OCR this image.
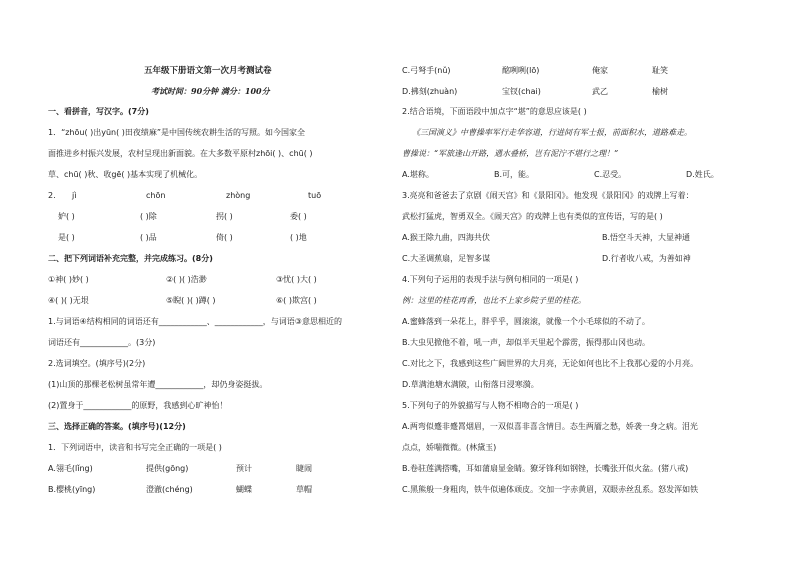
五年级下册语文第一次月考测试卷
考试时间：90分钟 满分：100分
一、看拼音，写汉字。(7分)
1．“zhōu( )出yūn( )田夜绩麻”是中国传统农耕生活的写照。如今国家全
面推进乡村振兴发展，农村呈现出新面貌。在大多数平原村zhōi( )、chū( )
草、chū( )秋、收gē( )基本实现了机械化。
2. jì	chōn	zhòng	tuō
妒( )	( )除	拐( )	委( )
是( )	( )品	倚( )	( )地
二、把下列词语补充完整，并完成练习。(8分)
①神( )妙( )	②( )( )浩渺	③忧( )大( )
④( )( )无垠	⑤睨( )( )蹲( )	⑥( )欺宫( )
1.与词语④结构相同的词语还有____________、____________，与词语③意思相近的
词语还有____________。(3分)
2.选词填空。(填序号)(2分)
(1)山顶的那棵老松树虽常年遭____________，却仍身姿挺拔。
(2)置身于____________的原野，我感到心旷神怡！
三、选择正确的答案。(填序号)(12分)
1．下列词语中，读音和书写完全正确的一项是( )
A.翎毛(lǐng)	提供(gōng)	预计	睫闹
B.樱桃(yīng)	澄澈(chéng)	蝴蝶	草帽
C.弓弩手(nǔ)	酩咧咧(lō)	俺家	耻笑
D.拂刻(zhuàn)	宝钗(chai)	武乙	榆树
2.结合语境，下面语段中加点字“堪”的意思应该是( )
《三国演义》中曹操率军行走华容道，行进间有军士报，前面积水，道路难走。
曹操说：“军旅逢山开路，遇水叠桥，岂有泥泞不堪行之理！”
A.堪称。	B.可，能。	C.忍受。	D.姓氏。
3.亮亮和爸爸去了京剧《闹天宫》和《景阳冈》。他发现《景阳冈》的戏牌上写着：
武松打猛虎，智勇双全。《闹天宫》的戏牌上也有类似的宣传语，写的是( )
A.猴王除九曲，四海共伏	B.悟空斗天神，大显神通
C.大圣调蕉扇，足智多谋	D.行者收八戒，为善如神
4.下列句子运用的表现手法与例句相同的一项是( )
例：这里的桂花再香，也比不上家乡院子里的桂花。
A.蜜蜂落到一朵花上，胖乎乎，圆滚滚，就像一个小毛球似的不动了。
B.大虫见掀他不着，吼一声，却似半天里起个霹雳，振得那山冈也动。
C.对比之下，我感到这些广阔世界的大月亮，无论如何也比不上我那心爱的小月亮。
D.草满池塘水满陂，山衔落日浸寒漪。
5.下列句子的外貌描写与人物不相吻合的一项是( )
A.两弯似蹙非蹙罥烟眉，一双似喜非喜含情目。态生两靥之愁，娇袭一身之病。泪光
点点，娇喘微微。(林黛玉)
B.卷驻莲满搭嘴，耳如蒲扇显金睛。獠牙锋利如钢锉，长嘴张开似火盆。(猪八戒)
C.黑熊般一身粗肉，铁牛似遍体顽皮。交加一字赤黄眉，双眼赤丝乱系。怒发浑如铁
